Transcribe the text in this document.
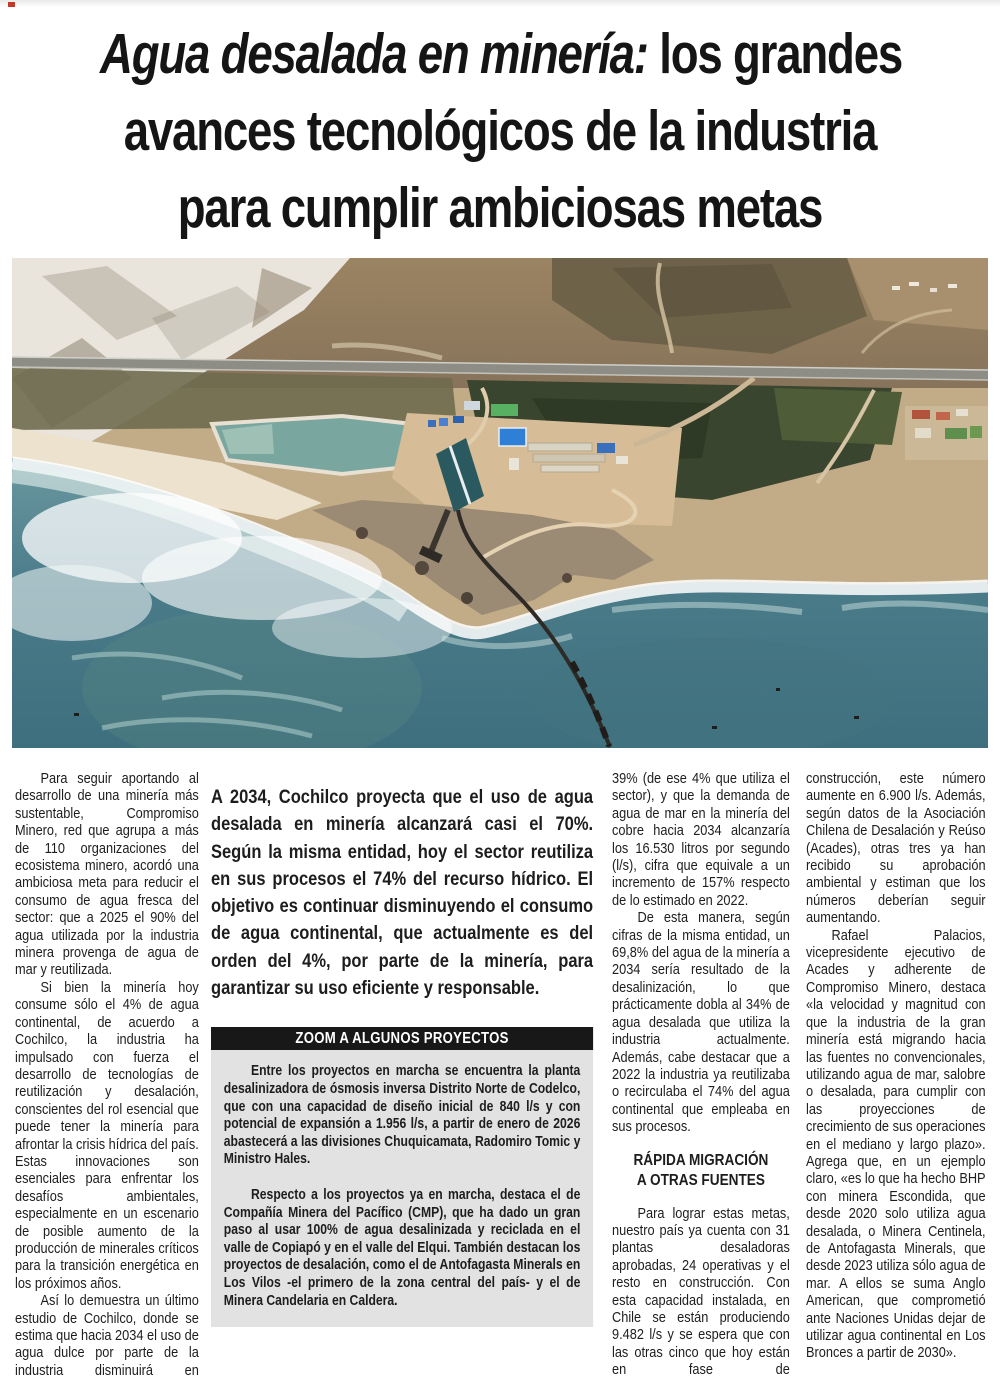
Agua desalada en minería: los grandes
avances tecnológicos de la industria
para cumplir ambiciosas metas

Para seguir aportando al desarrollo de una minería más sustentable, Compromiso Minero, red que agrupa a más de 110 organizaciones del ecosistema minero, acordó una ambiciosa meta para reducir el consumo de agua fresca del sector: que a 2025 el 90% del agua utilizada por la industria minera provenga de agua de mar y reutilizada.

Si bien la minería hoy consume sólo el 4% de agua continental, de acuerdo a Cochilco, la industria ha impulsado con fuerza el desarrollo de tecnologías de reutilización y desalación, conscientes del rol esencial que puede tener la minería para afrontar la crisis hídrica del país. Estas innovaciones son esenciales para enfrentar los desafíos ambientales, especialmente en un escenario de posible aumento de la producción de minerales críticos para la transición energética en los próximos años.

Así lo demuestra un último estudio de Cochilco, donde se estima que hacia 2034 el uso de agua dulce por parte de la industria disminuirá en

A 2034, Cochilco proyecta que el uso de agua desalada en minería alcanzará casi el 70%. Según la misma entidad, hoy el sector reutiliza en sus procesos el 74% del recurso hídrico. El objetivo es continuar disminuyendo el consumo de agua continental, que actualmente es del orden del 4%, por parte de la minería, para garantizar su uso eficiente y responsable.

ZOOM A ALGUNOS PROYECTOS

Entre los proyectos en marcha se encuentra la planta desalinizadora de ósmosis inversa Distrito Norte de Codelco, que con una capacidad de diseño inicial de 840 l/s y con potencial de expansión a 1.956 l/s, a partir de enero de 2026 abastecerá a las divisiones Chuquicamata, Radomiro Tomic y Ministro Hales.

Respecto a los proyectos ya en marcha, destaca el de Compañía Minera del Pacífico (CMP), que ha dado un gran paso al usar 100% de agua desalinizada y reciclada en el valle de Copiapó y en el valle del Elqui. También destacan los proyectos de desalación, como el de Antofagasta Minerals en Los Vilos -el primero de la zona central del país- y el de Minera Candelaria en Caldera.

39% (de ese 4% que utiliza el sector), y que la demanda de agua de mar en la minería del cobre hacia 2034 alcanzaría los 16.530 litros por segundo (l/s), cifra que equivale a un incremento de 157% respecto de lo estimado en 2022.

De esta manera, según cifras de la misma entidad, un 69,8% del agua de la minería a 2034 sería resultado de la desalinización, lo que prácticamente dobla al 34% de agua desalada que utiliza la industria actualmente. Además, cabe destacar que a 2022 la industria ya reutilizaba o recirculaba el 74% del agua continental que empleaba en sus procesos.

RÁPIDA MIGRACIÓN
A OTRAS FUENTES

Para lograr estas metas, nuestro país ya cuenta con 31 plantas desaladoras aprobadas, 24 operativas y el resto en construcción. Con esta capacidad instalada, en Chile se están produciendo 9.482 l/s y se espera que con las otras cinco que hoy están en fase de

construcción, este número aumente en 6.900 l/s. Además, según datos de la Asociación Chilena de Desalación y Reúso (Acades), otras tres ya han recibido su aprobación ambiental y estiman que los números deberían seguir aumentando.

Rafael Palacios, vicepresidente ejecutivo de Acades y adherente de Compromiso Minero, destaca «la velocidad y magnitud con que la industria de la gran minería está migrando hacia las fuentes no convencionales, utilizando agua de mar, salobre o desalada, para cumplir con las proyecciones de crecimiento de sus operaciones en el mediano y largo plazo». Agrega que, en un ejemplo claro, «es lo que ha hecho BHP con minera Escondida, que desde 2020 solo utiliza agua desalada, o Minera Centinela, de Antofagasta Minerals, que desde 2023 utiliza sólo agua de mar. A ellos se suma Anglo American, que comprometió ante Naciones Unidas dejar de utilizar agua continental en Los Bronces a partir de 2030».
